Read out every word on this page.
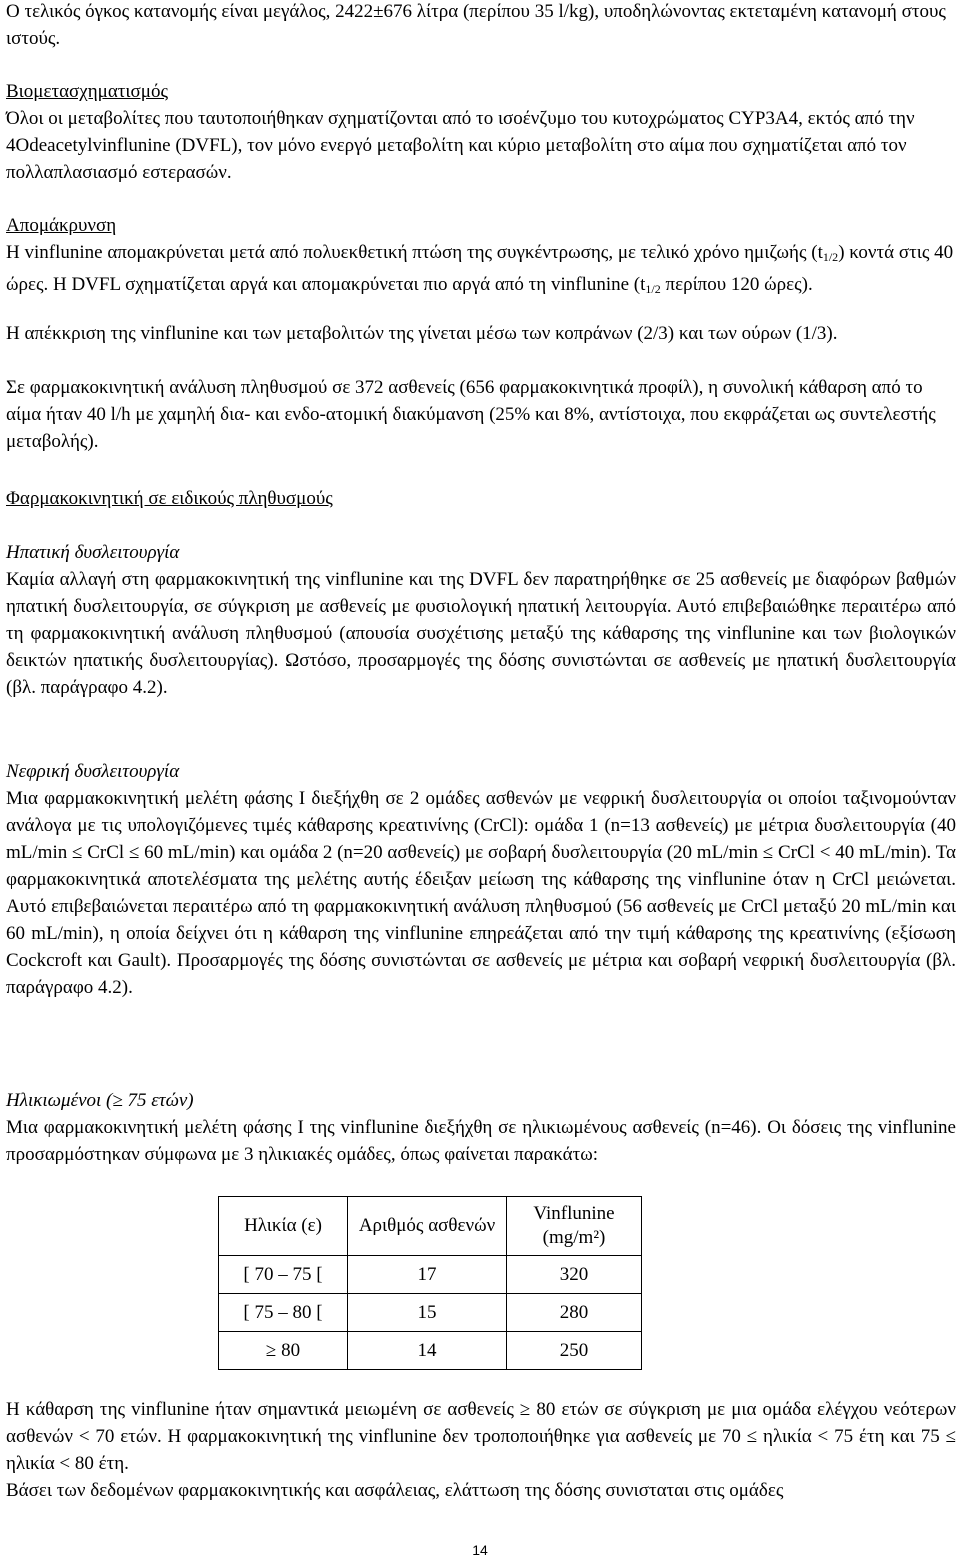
Ο τελικός όγκος κατανομής είναι μεγάλος, 2422±676 λίτρα (περίπου 35 l/kg), υποδηλώνοντας εκτεταμένη κατανομή στους ιστούς.

Βιομετασχηματισμός

Όλοι οι μεταβολίτες που ταυτοποιήθηκαν σχηματίζονται από το ισοένζυμο του κυτοχρώματος CYP3A4, εκτός από την 4Odeacetylvinflunine (DVFL), τον μόνο ενεργό μεταβολίτη και κύριο μεταβολίτη στο αίμα που σχηματίζεται από τον πολλαπλασιασμό εστερασών.

Απομάκρυνση

Η vinflunine απομακρύνεται μετά από πολυεκθετική πτώση της συγκέντρωσης, με τελικό χρόνο ημιζωής $(t_{1/2})$ κοντά στις 40 ώρες. Η DVFL σχηματίζεται αργά και απομακρύνεται πιο αργά από τη vinflunine ($t_{1/2}$ περίπου 120 ώρες).

Η απέκκριση της vinflunine και των μεταβολιτών της γίνεται μέσω των κοπράνων (2/3) και των ούρων (1/3).

Σε φαρμακοκινητική ανάλυση πληθυσμού σε 372 ασθενείς (656 φαρμακοκινητικά προφίλ), η συνολική κάθαρση από το αίμα ήταν 40 l/h με χαμηλή δια- και ενδο-ατομική διακύμανση (25% και 8%, αντίστοιχα, που εκφράζεται ως συντελεστής μεταβολής).

Φαρμακοκινητική σε ειδικούς πληθυσμούς

Ηπατική δυσλειτουργία

Καμία αλλαγή στη φαρμακοκινητική της vinflunine και της DVFL δεν παρατηρήθηκε σε 25 ασθενείς με διαφόρων βαθμών ηπατική δυσλειτουργία, σε σύγκριση με ασθενείς με φυσιολογική ηπατική λειτουργία. Αυτό επιβεβαιώθηκε περαιτέρω από τη φαρμακοκινητική ανάλυση πληθυσμού (απουσία συσχέτισης μεταξύ της κάθαρσης της vinflunine και των βιολογικών δεικτών ηπατικής δυσλειτουργίας). Ωστόσο, προσαρμογές της δόσης συνιστώνται σε ασθενείς με ηπατική δυσλειτουργία (βλ. παράγραφο 4.2).

Νεφρική δυσλειτουργία

Μια φαρμακοκινητική μελέτη φάσης Ι διεξήχθη σε 2 ομάδες ασθενών με νεφρική δυσλειτουργία οι οποίοι ταξινομούνταν ανάλογα με τις υπολογιζόμενες τιμές κάθαρσης κρεατινίνης (CrCl): ομάδα 1 (n=13 ασθενείς) με μέτρια δυσλειτουργία (40 mL/min ≤ CrCl ≤ 60 mL/min) και ομάδα 2 (n=20 ασθενείς) με σοβαρή δυσλειτουργία (20 mL/min ≤ CrCl < 40 mL/min). Τα φαρμακοκινητικά αποτελέσματα της μελέτης αυτής έδειξαν μείωση της κάθαρσης της vinflunine όταν η CrCl μειώνεται. Αυτό επιβεβαιώνεται περαιτέρω από τη φαρμακοκινητική ανάλυση πληθυσμού (56 ασθενείς με CrCl μεταξύ 20 mL/min και 60 mL/min), η οποία δείχνει ότι η κάθαρση της vinflunine επηρεάζεται από την τιμή κάθαρσης της κρεατινίνης (εξίσωση Cockcroft και Gault). Προσαρμογές της δόσης συνιστώνται σε ασθενείς με μέτρια και σοβαρή νεφρική δυσλειτουργία (βλ. παράγραφο 4.2).

Ηλικιωμένοι (≥ 75 ετών)

Μια φαρμακοκινητική μελέτη φάσης Ι της vinflunine διεξήχθη σε ηλικιωμένους ασθενείς (n=46). Οι δόσεις της vinflunine προσαρμόστηκαν σύμφωνα με 3 ηλικιακές ομάδες, όπως φαίνεται παρακάτω:

Ηλικία (ε)	Αριθμός ασθενών	Vinflunine (mg/m²)
[ 70 – 75 [	17	320
[ 75 – 80 [	15	280
≥ 80	14	250

Η κάθαρση της vinflunine ήταν σημαντικά μειωμένη σε ασθενείς ≥ 80 ετών σε σύγκριση με μια ομάδα ελέγχου νεότερων ασθενών < 70 ετών. Η φαρμακοκινητική της vinflunine δεν τροποποιήθηκε για ασθενείς με 70 ≤ ηλικία < 75 έτη και 75 ≤ ηλικία < 80 έτη.

Βάσει των δεδομένων φαρμακοκινητικής και ασφάλειας, ελάττωση της δόσης συνισταται στις ομάδες

14
